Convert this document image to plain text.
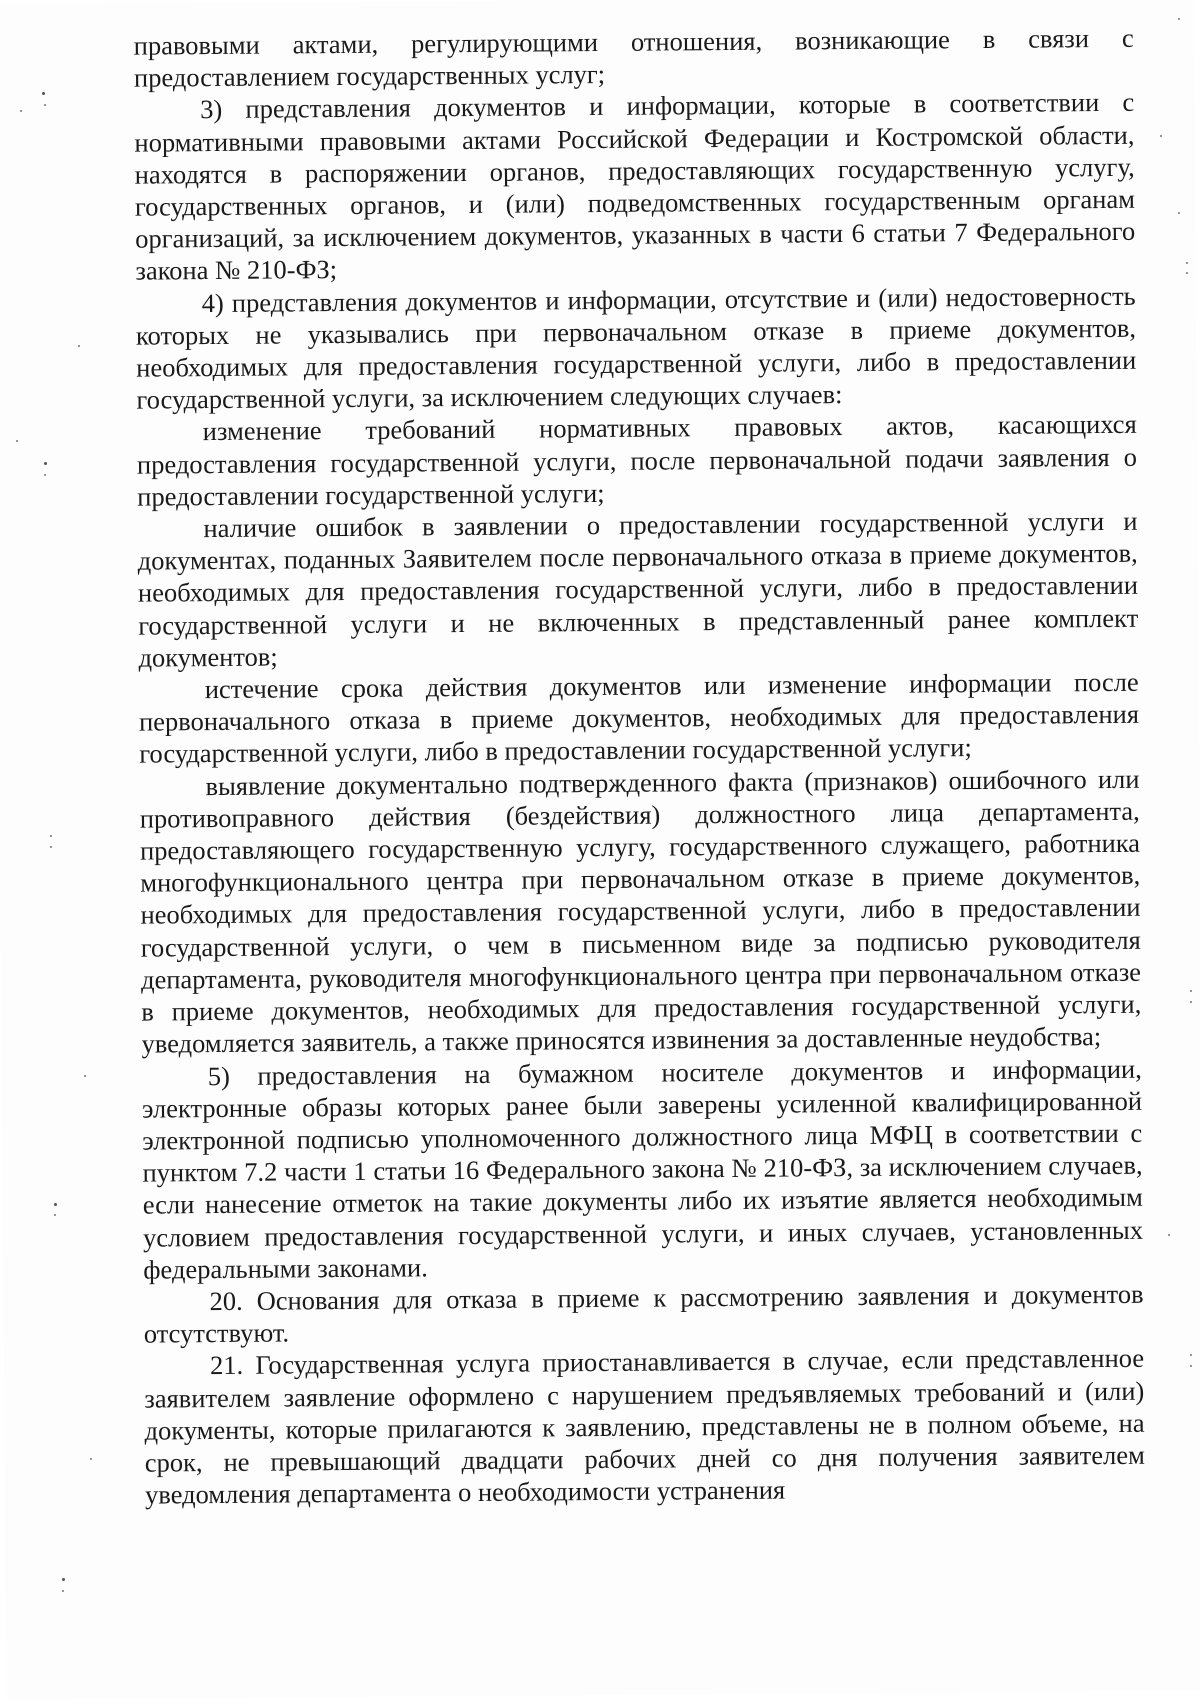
правовыми актами, регулирующими отношения, возникающие в связи с предоставлением государственных услуг;

3) представления документов и информации, которые в соответствии с нормативными правовыми актами Российской Федерации и Костромской области, находятся в распоряжении органов, предоставляющих государственную услугу, государственных органов, и (или) подведомственных государственным органам организаций, за исключением документов, указанных в части 6 статьи 7 Федерального закона № 210-ФЗ;

4) представления документов и информации, отсутствие и (или) недостоверность которых не указывались при первоначальном отказе в приеме документов, необходимых для предоставления государственной услуги, либо в предоставлении государственной услуги, за исключением следующих случаев:

изменение требований нормативных правовых актов, касающихся предоставления государственной услуги, после первоначальной подачи заявления о предоставлении государственной услуги;

наличие ошибок в заявлении о предоставлении государственной услуги и документах, поданных Заявителем после первоначального отказа в приеме документов, необходимых для предоставления государственной услуги, либо в предоставлении государственной услуги и не включенных в представленный ранее комплект документов;

истечение срока действия документов или изменение информации после первоначального отказа в приеме документов, необходимых для предоставления государственной услуги, либо в предоставлении государственной услуги;

выявление документально подтвержденного факта (признаков) ошибочного или противоправного действия (бездействия) должностного лица департамента, предоставляющего государственную услугу, государственного служащего, работника многофункционального центра при первоначальном отказе в приеме документов, необходимых для предоставления государственной услуги, либо в предоставлении государственной услуги, о чем в письменном виде за подписью руководителя департамента, руководителя многофункционального центра при первоначальном отказе в приеме документов, необходимых для предоставления государственной услуги, уведомляется заявитель, а также приносятся извинения за доставленные неудобства;

5) предоставления на бумажном носителе документов и информации, электронные образы которых ранее были заверены усиленной квалифицированной электронной подписью уполномоченного должностного лица МФЦ в соответствии с пунктом 7.2 части 1 статьи 16 Федерального закона № 210-ФЗ, за исключением случаев, если нанесение отметок на такие документы либо их изъятие является необходимым условием предоставления государственной услуги, и иных случаев, установленных федеральными законами.

20. Основания для отказа в приеме к рассмотрению заявления и документов отсутствуют.

21. Государственная услуга приостанавливается в случае, если представленное заявителем заявление оформлено с нарушением предъявляемых требований и (или) документы, которые прилагаются к заявлению, представлены не в полном объеме, на срок, не превышающий двадцати рабочих дней со дня получения заявителем уведомления департамента о необходимости устранения
